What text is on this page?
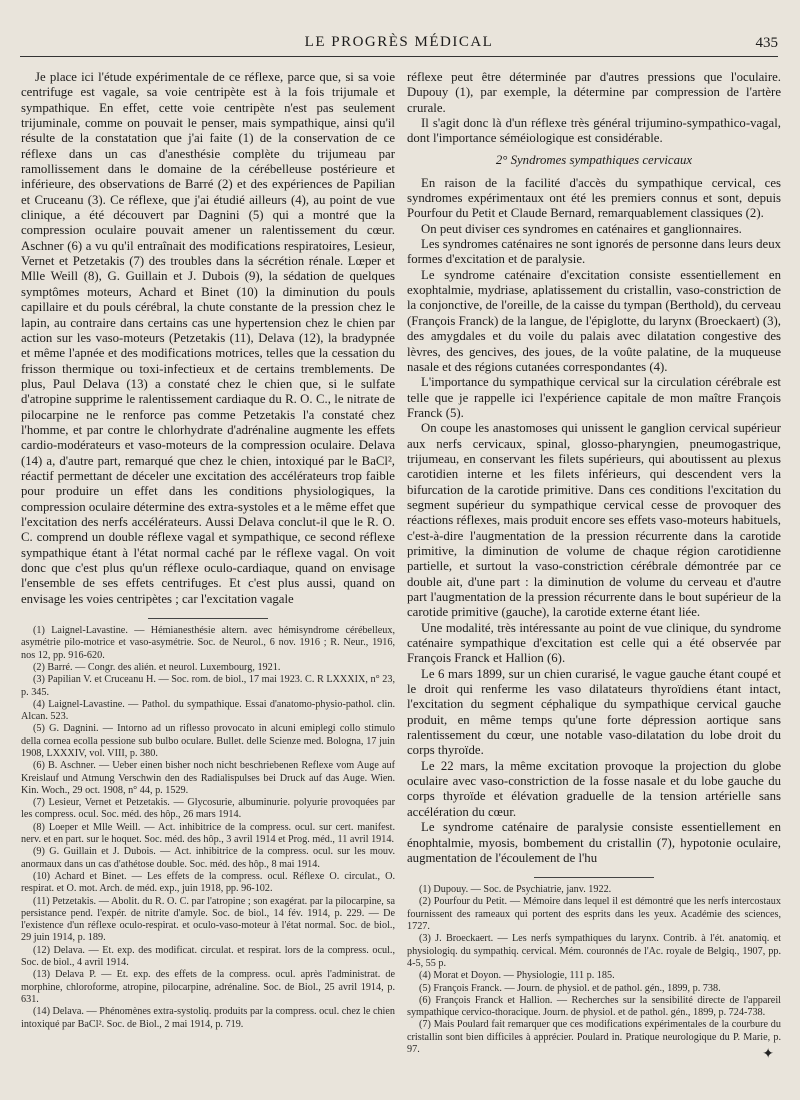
LE PROGRÈS MÉDICAL	435

Je place ici l'étude expérimentale de ce réflexe, parce que, si sa voie centrifuge est vagale, sa voie centripète est à la fois trijumale et sympathique. En effet, cette voie centripète n'est pas seulement trijuminale, comme on pouvait le penser, mais sympathique, ainsi qu'il résulte de la constatation que j'ai faite (1) de la conservation de ce réflexe dans un cas d'anesthésie complète du trijumeau par ramollissement dans le domaine de la cérébelleuse postérieure et inférieure, des observations de Barré (2) et des expériences de Papilian et Cruceanu (3). Ce réflexe, que j'ai étudié ailleurs (4), au point de vue clinique, a été découvert par Dagnini (5) qui a montré que la compression oculaire pouvait amener un ralentissement du cœur. Aschner (6) a vu qu'il entraînait des modifications respiratoires, Lesieur, Vernet et Petzetakis (7) des troubles dans la sécrétion rénale. Lœper et Mlle Weill (8), G. Guillain et J. Dubois (9), la sédation de quelques symptômes moteurs, Achard et Binet (10) la diminution du pouls capillaire et du pouls cérébral, la chute constante de la pression chez le lapin, au contraire dans certains cas une hypertension chez le chien par action sur les vaso-moteurs (Petzetakis (11), Delava (12), la bradypnée et même l'apnée et des modifications motrices, telles que la cessation du frisson thermique ou toxi-infectieux et de certains tremblements. De plus, Paul Delava (13) a constaté chez le chien que, si le sulfate d'atropine supprime le ralentissement cardiaque du R. O. C., le nitrate de pilocarpine ne le renforce pas comme Petzetakis l'a constaté chez l'homme, et par contre le chlorhydrate d'adrénaline augmente les effets cardio-modérateurs et vaso-moteurs de la compression oculaire. Delava (14) a, d'autre part, remarqué que chez le chien, intoxiqué par le BaCl², réactif permettant de déceler une excitation des accélérateurs trop faible pour produire un effet dans les conditions physiologiques, la compression oculaire détermine des extra-systoles et a le même effet que l'excitation des nerfs accélérateurs. Aussi Delava conclut-il que le R. O. C. comprend un double réflexe vagal et sympathique, ce second réflexe sympathique étant à l'état normal caché par le réflexe vagal. On voit donc que c'est plus qu'un réflexe oculo-cardiaque, quand on envisage l'ensemble de ses effets centrifuges. Et c'est plus aussi, quand on envisage les voies centripètes ; car l'excitation vagale

(1) Laignel-Lavastine. — Hémianesthésie altern. avec hémisyndrome cérébelleux, asymétrie pilo-motrice et vaso-asymétrie. Soc. de Neurol., 6 nov. 1916 ; R. Neur., 1916, nos 12, pp. 916-620.

(2) Barré. — Congr. des alién. et neurol. Luxembourg, 1921.

(3) Papilian V. et Cruceanu H. — Soc. rom. de biol., 17 mai 1923. C. R LXXXIX, n° 23, p. 345.

(4) Laignel-Lavastine. — Pathol. du sympathique. Essai d'anatomo-physio-pathol. clin. Alcan. 523.

(5) G. Dagnini. — Intorno ad un riflesso provocato in alcuni emiplegi collo stimulo della cornea ecolla pessione sub bulbo oculare. Bullet. delle Scienze med. Bologna, 17 juin 1908, LXXXIV, vol. VIII, p. 380.

(6) B. Aschner. — Ueber einen bisher noch nicht beschriebenen Reflexe vom Auge auf Kreislauf und Atmung Verschwin den des Radialispulses bei Druck auf das Auge. Wien. Kin. Woch., 29 oct. 1908, n° 44, p. 1529.

(7) Lesieur, Vernet et Petzetakis. — Glycosurie, albuminurie. polyurie provoquées par les compress. ocul. Soc. méd. des hôp., 26 mars 1914.

(8) Loeper et Mlle Weill. — Act. inhibitrice de la compress. ocul. sur cert. manifest. nerv. et en part. sur le hoquet. Soc. méd. des hôp., 3 avril 1914 et Prog. méd., 11 avril 1914.

(9) G. Guillain et J. Dubois. — Act. inhibitrice de la compress. ocul. sur les mouv. anormaux dans un cas d'athétose double. Soc. méd. des hôp., 8 mai 1914.

(10) Achard et Binet. — Les effets de la compress. ocul. Réflexe O. circulat., O. respirat. et O. mot. Arch. de méd. exp., juin 1918, pp. 96-102.

(11) Petzetakis. — Abolit. du R. O. C. par l'atropine ; son exagérat. par la pilocarpine, sa persistance pend. l'expér. de nitrite d'amyle. Soc. de biol., 14 fév. 1914, p. 229. — De l'existence d'un réflexe oculo-respirat. et oculo-vaso-moteur à l'état normal. Soc. de biol., 29 juin 1914, p. 189.

(12) Delava. — Et. exp. des modificat. circulat. et respirat. lors de la compress. ocul., Soc. de biol., 4 avril 1914.

(13) Delava P. — Et. exp. des effets de la compress. ocul. après l'administrat. de morphine, chloroforme, atropine, pilocarpine, adrénaline. Soc. de Biol., 25 avril 1914, p. 631.

(14) Delava. — Phénomènes extra-systoliq. produits par la compress. ocul. chez le chien intoxiqué par BaCl². Soc. de Biol., 2 mai 1914, p. 719.

réflexe peut être déterminée par d'autres pressions que l'oculaire. Dupouy (1), par exemple, la détermine par compression de l'artère crurale.

Il s'agit donc là d'un réflexe très général trijumino-sympathico-vagal, dont l'importance séméiologique est considérable.

2° Syndromes sympathiques cervicaux

En raison de la facilité d'accès du sympathique cervical, ces syndromes expérimentaux ont été les premiers connus et sont, depuis Pourfour du Petit et Claude Bernard, remarquablement classiques (2).

On peut diviser ces syndromes en caténaires et ganglionnaires.

Les syndromes caténaires ne sont ignorés de personne dans leurs deux formes d'excitation et de paralysie.

Le syndrome caténaire d'excitation consiste essentiellement en exophtalmie, mydriase, aplatissement du cristallin, vaso-constriction de la conjonctive, de l'oreille, de la caisse du tympan (Berthold), du cerveau (François Franck) de la langue, de l'épiglotte, du larynx (Broeckaert) (3), des amygdales et du voile du palais avec dilatation congestive des lèvres, des gencives, des joues, de la voûte palatine, de la muqueuse nasale et des régions cutanées correspondantes (4).

L'importance du sympathique cervical sur la circulation cérébrale est telle que je rappelle ici l'expérience capitale de mon maître François Franck (5).

On coupe les anastomoses qui unissent le ganglion cervical supérieur aux nerfs cervicaux, spinal, glosso-pharyngien, pneumogastrique, trijumeau, en conservant les filets supérieurs, qui aboutissent au plexus carotidien interne et les filets inférieurs, qui descendent vers la bifurcation de la carotide primitive. Dans ces conditions l'excitation du segment supérieur du sympathique cervical cesse de provoquer des réactions réflexes, mais produit encore ses effets vaso-moteurs habituels, c'est-à-dire l'augmentation de la pression récurrente dans la carotide primitive, la diminution de volume de chaque région carotidienne partielle, et surtout la vaso-constriction cérébrale démontrée par ce double ait, d'une part : la diminution de volume du cerveau et d'autre part l'augmentation de la pression récurrente dans le bout supérieur de la carotide primitive (gauche), la carotide externe étant liée.

Une modalité, très intéressante au point de vue clinique, du syndrome caténaire sympathique d'excitation est celle qui a été observée par François Franck et Hallion (6).

Le 6 mars 1899, sur un chien curarisé, le vague gauche étant coupé et le droit qui renferme les vaso dilatateurs thyroïdiens étant intact, l'excitation du segment céphalique du sympathique cervical gauche produit, en même temps qu'une forte dépression aortique sans ralentissement du cœur, une notable vaso-dilatation du lobe droit du corps thyroïde.

Le 22 mars, la même excitation provoque la projection du globe oculaire avec vaso-constriction de la fosse nasale et du lobe gauche du corps thyroïde et élévation graduelle de la tension artérielle sans accélération du cœur.

Le syndrome caténaire de paralysie consiste essentiellement en énophtalmie, myosis, bombement du cristallin (7), hypotonie oculaire, augmentation de l'écoulement de l'hu

(1) Dupouy. — Soc. de Psychiatrie, janv. 1922.

(2) Pourfour du Petit. — Mémoire dans lequel il est démontré que les nerfs intercostaux fournissent des rameaux qui portent des esprits dans les yeux. Académie des sciences, 1727.

(3) J. Broeckaert. — Les nerfs sympathiques du larynx. Contrib. à l'ét. anatomiq. et physiologiq. du sympathiq. cervical. Mém. couronnés de l'Ac. royale de Belgiq., 1907, pp. 4-5, 55 p.

(4) Morat et Doyon. — Physiologie, 111 p. 185.

(5) François Franck. — Journ. de physiol. et de pathol. gén., 1899, p. 738.

(6) François Franck et Hallion. — Recherches sur la sensibilité directe de l'appareil sympathique cervico-thoracique. Journ. de physiol. et de pathol. gén., 1899, p. 724-738.

(7) Mais Poulard fait remarquer que ces modifications expérimentales de la courbure du cristallin sont bien difficiles à apprécier. Poulard in. Pratique neurologique du P. Marie, p. 97.	✦
